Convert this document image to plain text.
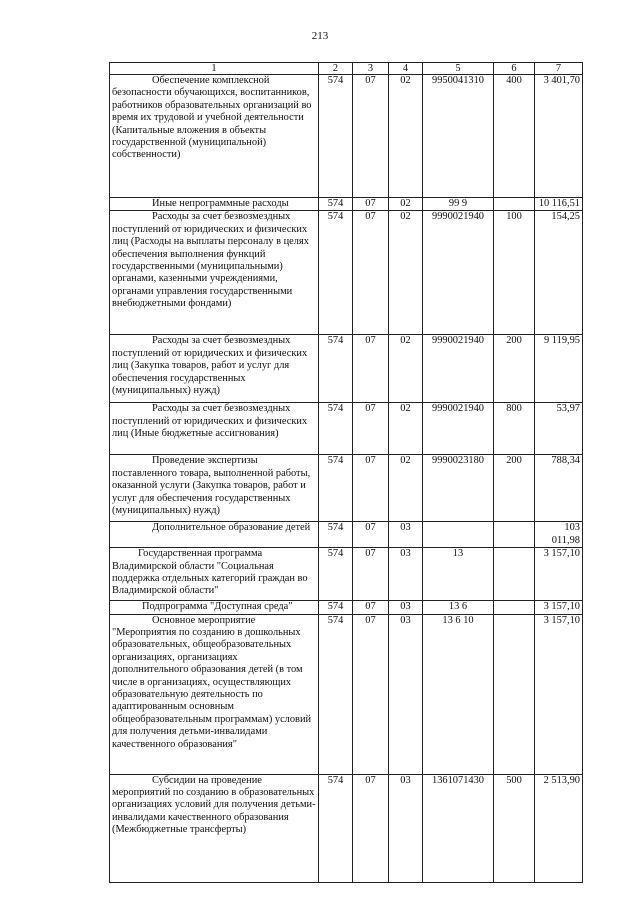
213
1	2	3	4	5	6	7

Обеспечение комплексной
безопасности обучающихся, воспитанников, работников образовательных организаций во время их трудовой и учебной деятельности (Капитальные вложения в объекты государственной (муниципальной) собственности)	574	07	02	9950041310	400	3 401,70

Иные непрограммные расходы	574	07	02	99 9		10 116,51

Расходы за счет безвозмездных
поступлений от юридических и физических лиц (Расходы на выплаты персоналу в целях обеспечения выполнения функций государственными (муниципальными) органами, казенными учреждениями, органами управления государственными внебюджетными фондами)	574	07	02	9990021940	100	154,25

Расходы за счет безвозмездных
поступлений от юридических и физических лиц (Закупка товаров, работ и услуг для обеспечения государственных (муниципальных) нужд)	574	07	02	9990021940	200	9 119,95

Расходы за счет безвозмездных
поступлений от юридических и физических лиц (Иные бюджетные ассигнования)	574	07	02	9990021940	800	53,97

Проведение экспертизы
поставленного товара, выполненной работы, оказанной услуги (Закупка товаров, работ и услуг для обеспечения государственных (муниципальных) нужд)	574	07	02	9990023180	200	788,34

Дополнительное образование детей	574	07	03			103 011,98

Государственная программа
Владимирской области "Социальная поддержка отдельных категорий граждан во Владимирской области"	574	07	03	13		3 157,10

Подпрограмма "Доступная среда"	574	07	03	13 6		3 157,10

Основное мероприятие
"Мероприятия по созданию в дошкольных образовательных, общеобразовательных организациях, организациях дополнительного образования детей (в том числе в организациях, осуществляющих образовательную деятельность по адаптированным основным общеобразовательным программам) условий для получения детьми-инвалидами качественного образования"	574	07	03	13 6 10		3 157,10

Субсидии на проведение
мероприятий по созданию в образовательных организациях условий для получения детьми-инвалидами качественного образования (Межбюджетные трансферты)	574	07	03	1361071430	500	2 513,90
